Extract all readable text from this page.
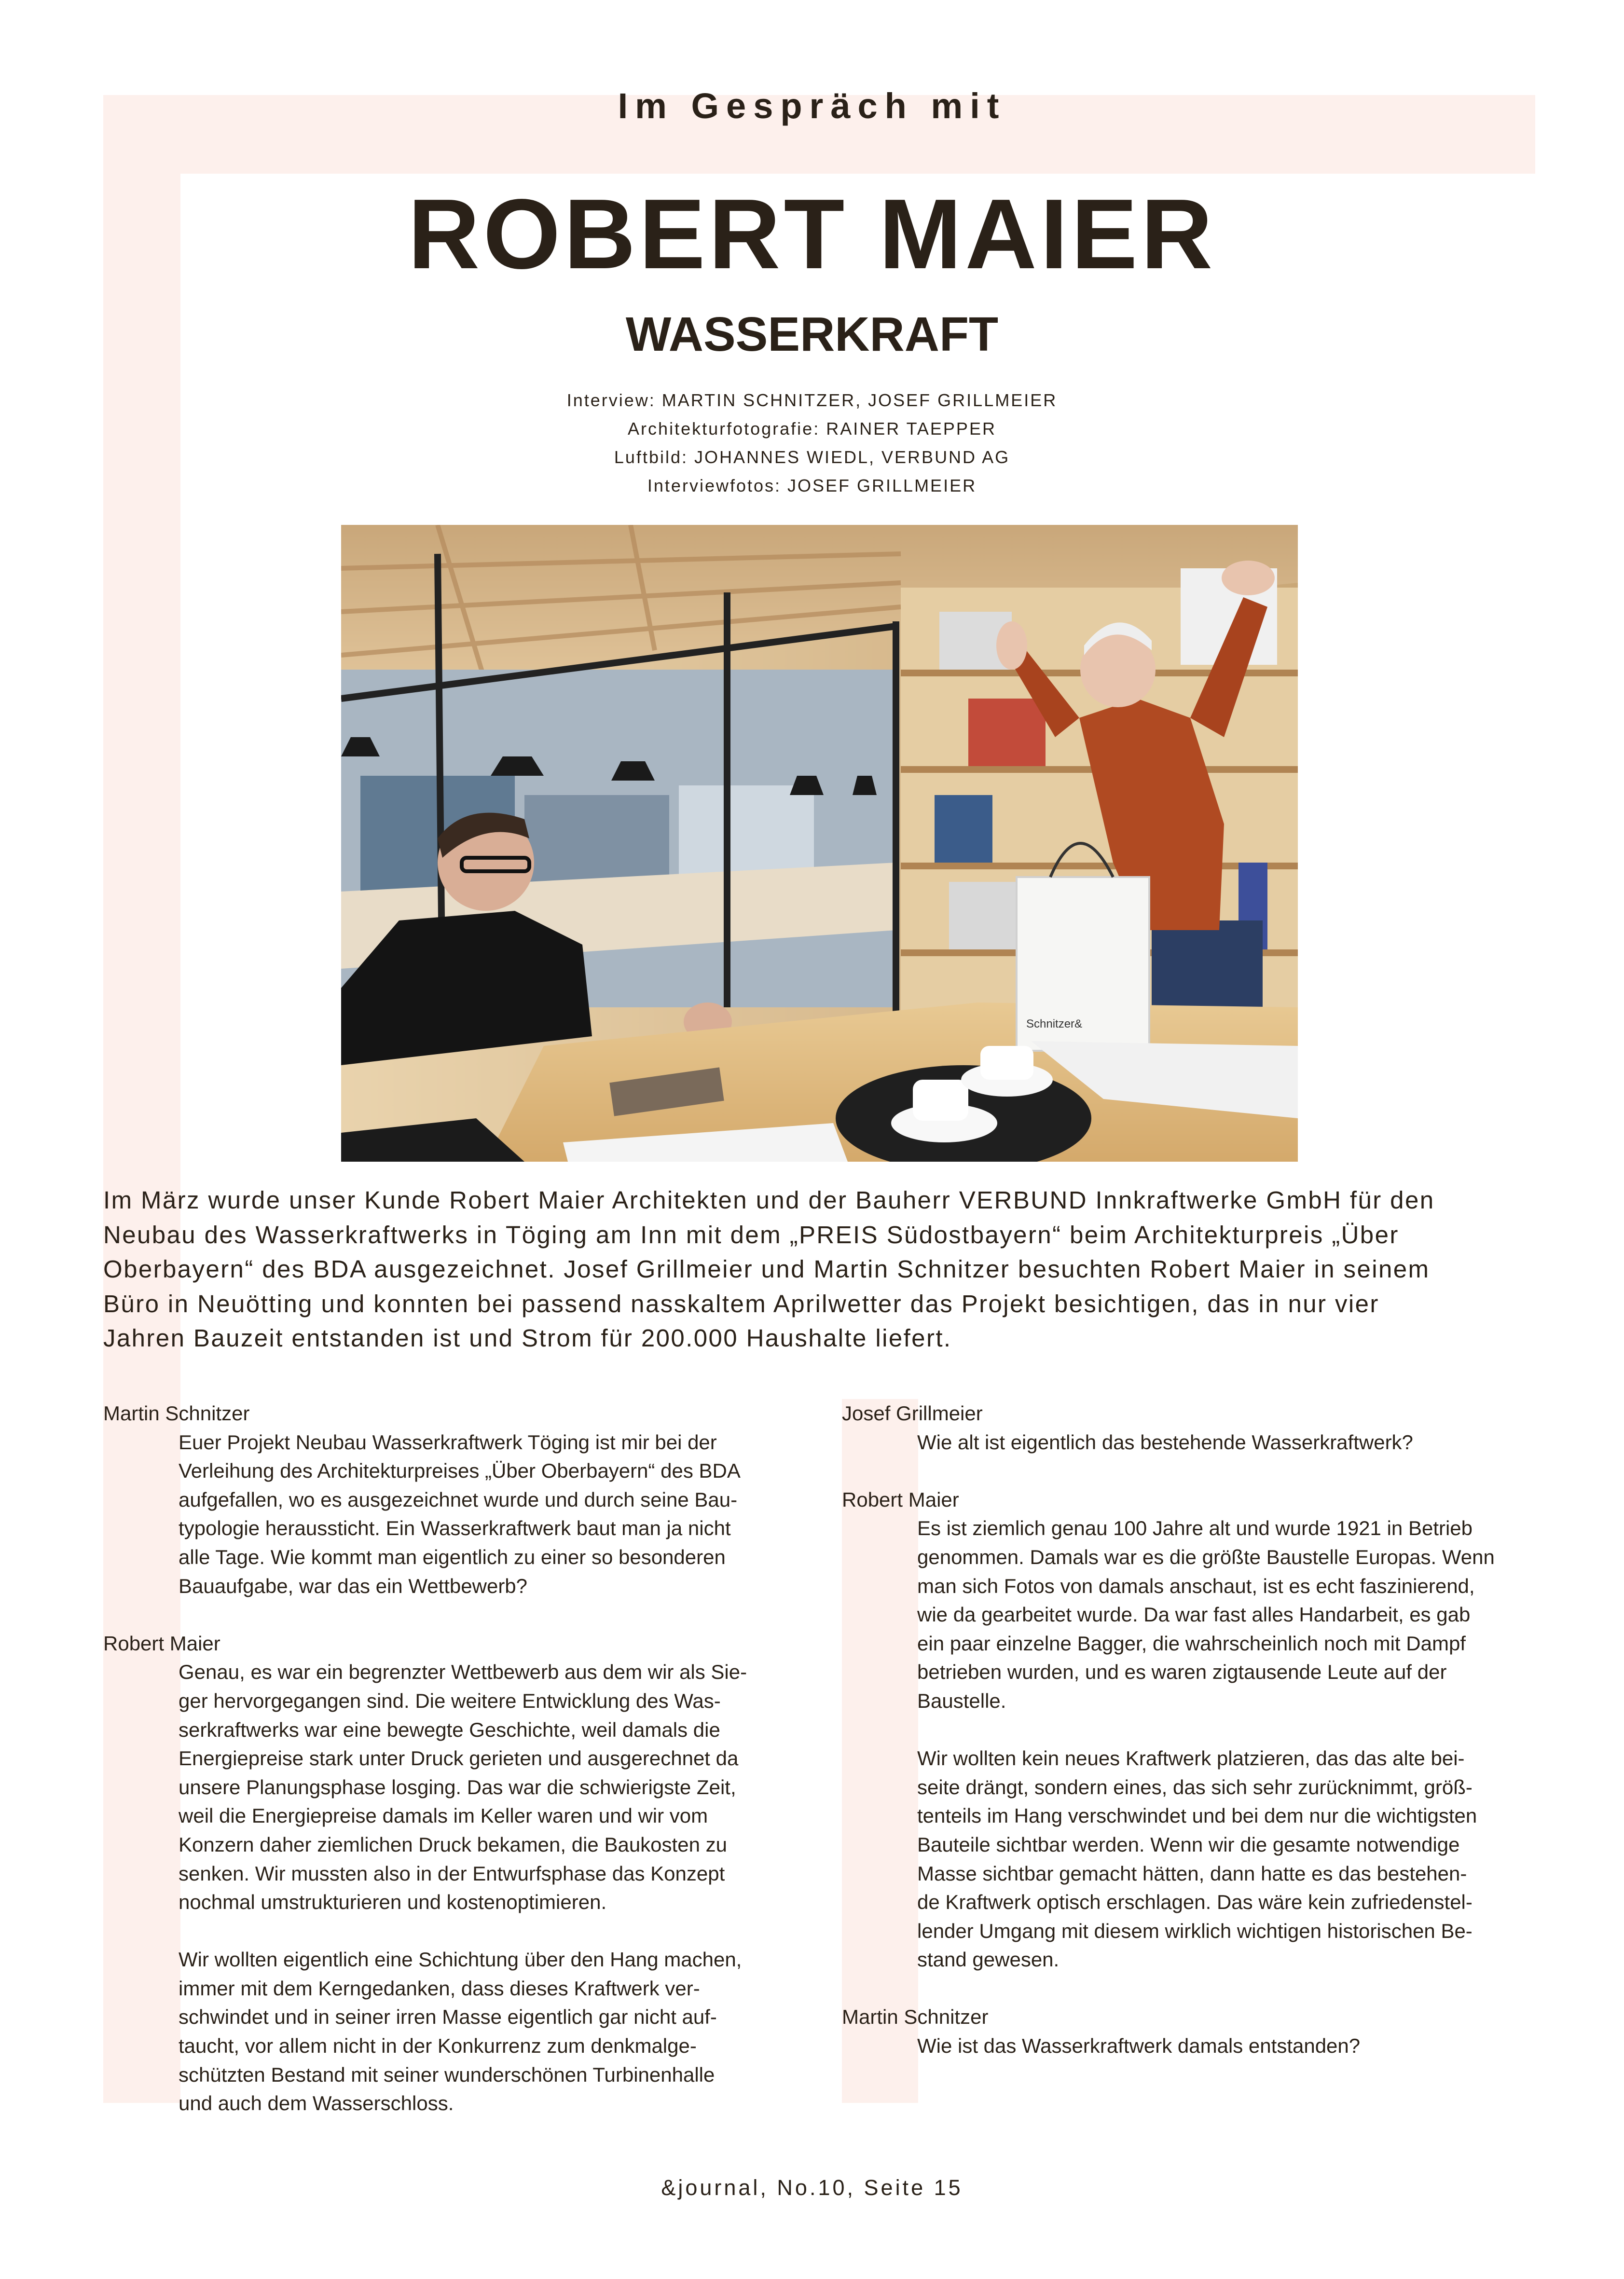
Im Gespräch mit
ROBERT MAIER
WASSERKRAFT
Interview: MARTIN SCHNITZER, JOSEF GRILLMEIER
Architekturfotografie: RAINER TAEPPER
Luftbild: JOHANNES WIEDL, VERBUND AG
Interviewfotos: JOSEF GRILLMEIER
Schnitzer&
Im März wurde unser Kunde Robert Maier Architekten und der Bauherr VERBUND Innkraftwerke GmbH für den
Neubau des Wasserkraftwerks in Töging am Inn mit dem „PREIS Südostbayern“ beim Architekturpreis „Über
Oberbayern“ des BDA ausgezeichnet. Josef Grillmeier und Martin Schnitzer besuchten Robert Maier in seinem
Büro in Neuötting und konnten bei passend nasskaltem Aprilwetter das Projekt besichtigen, das in nur vier
Jahren Bauzeit entstanden ist und Strom für 200.000 Haushalte liefert.
Martin Schnitzer
Euer Projekt Neubau Wasserkraftwerk Töging ist mir bei der
Verleihung des Architekturpreises „Über Oberbayern“ des BDA
aufgefallen, wo es ausgezeichnet wurde und durch seine Bau-
typologie heraussticht. Ein Wasserkraftwerk baut man ja nicht
alle Tage. Wie kommt man eigentlich zu einer so besonderen
Bauaufgabe, war das ein Wettbewerb?
Robert Maier
Genau, es war ein begrenzter Wettbewerb aus dem wir als Sie-
ger hervorgegangen sind. Die weitere Entwicklung des Was-
serkraftwerks war eine bewegte Geschichte, weil damals die
Energiepreise stark unter Druck gerieten und ausgerechnet da
unsere Planungsphase losging. Das war die schwierigste Zeit,
weil die Energiepreise damals im Keller waren und wir vom
Konzern daher ziemlichen Druck bekamen, die Baukosten zu
senken. Wir mussten also in der Entwurfsphase das Konzept
nochmal umstrukturieren und kostenoptimieren.
Wir wollten eigentlich eine Schichtung über den Hang machen,
immer mit dem Kerngedanken, dass dieses Kraftwerk ver-
schwindet und in seiner irren Masse eigentlich gar nicht auf-
taucht, vor allem nicht in der Konkurrenz zum denkmalge-
schützten Bestand mit seiner wunderschönen Turbinenhalle
und auch dem Wasserschloss.
Josef Grillmeier
Wie alt ist eigentlich das bestehende Wasserkraftwerk?
Robert Maier
Es ist ziemlich genau 100 Jahre alt und wurde 1921 in Betrieb
genommen. Damals war es die größte Baustelle Europas. Wenn
man sich Fotos von damals anschaut, ist es echt faszinierend,
wie da gearbeitet wurde. Da war fast alles Handarbeit, es gab
ein paar einzelne Bagger, die wahrscheinlich noch mit Dampf
betrieben wurden, und es waren zigtausende Leute auf der
Baustelle.
Wir wollten kein neues Kraftwerk platzieren, das das alte bei-
seite drängt, sondern eines, das sich sehr zurücknimmt, größ-
tenteils im Hang verschwindet und bei dem nur die wichtigsten
Bauteile sichtbar werden. Wenn wir die gesamte notwendige
Masse sichtbar gemacht hätten, dann hatte es das bestehen-
de Kraftwerk optisch erschlagen. Das wäre kein zufriedenstel-
lender Umgang mit diesem wirklich wichtigen historischen Be-
stand gewesen.
Martin Schnitzer
Wie ist das Wasserkraftwerk damals entstanden?
&journal, No.10, Seite 15
